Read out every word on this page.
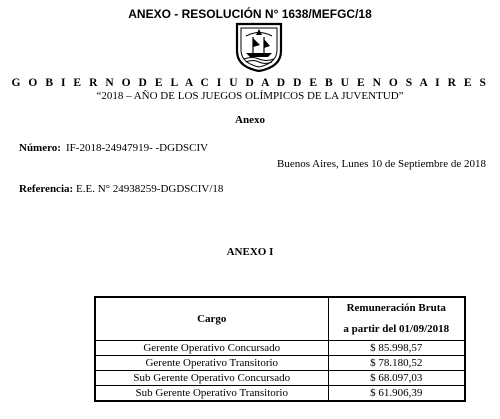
ANEXO - RESOLUCIÓN N° 1638/MEFGC/18
G O B I E R N O D E L A C I U D A D D E B U E N O S A I R E S
“2018 – AÑO DE LOS JUEGOS OLÍMPICOS DE LA JUVENTUD”
Anexo
Número: IF-2018-24947919- -DGDSCIV
Buenos Aires, Lunes 10 de Septiembre de 2018
Referencia: E.E. N° 24938259-DGDSCIV/18
ANEXO I
Cargo	Remuneración Bruta
a partir del 01/09/2018

Gerente Operativo Concursado	$ 85.998,57
Gerente Operativo Transitorio	$ 78.180,52
Sub Gerente Operativo Concursado	$ 68.097,03
Sub Gerente Operativo Transitorio	$ 61.906,39
